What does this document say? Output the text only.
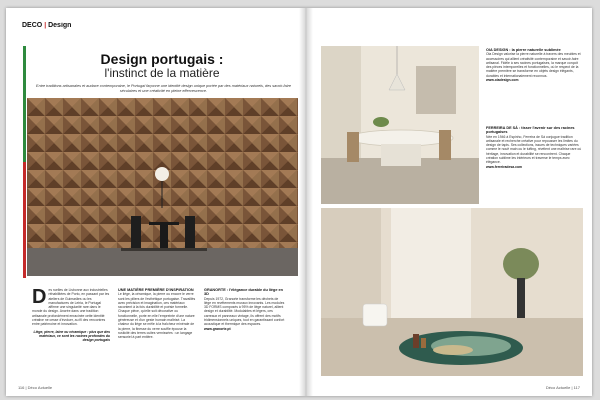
DECO | Design
Design portugais :
l'instinct de la matière
Entre traditions artisanales et audace contemporaine, le Portugal façonne une identité design unique portée par des matériaux naturels, des savoir-faire séculaires et une créativité en pleine effervescence.
D es ruelles de Lisbonne aux industrielles réhabilitées de Porto, en passant par les ateliers de Guimarães ou les manufactures de Leiria, le Portugal affirme une singularité rare dans le monde du design. Ancrée dans une tradition artisanale profondément enracinée cette identité créative ne cesse d'évoluer, au fil des rencontres entre patrimoine et innovation.
Liège, pierre, laine ou céramique : plus que des matériaux, ce sont les racines profondes du design portugais
UNE MATIÈRE PREMIÈRE D'INSPIRATION
Le liège, la céramique, la pierre ou encore le verre sont les piliers de l'esthétique portugaise. Travaillés avec précision et imagination, ces matériaux racontent à la fois durabilité et poésie formelle. Chaque pièce, qu'elle soit décorative ou fonctionnelle, porte en elle l'empreinte d'une nature généreuse et d'un geste humain maîtrisé. La chaleur du liège se mêle à la fraîcheur minérale de la pierre, la finesse du verre souffle épouse la rusticité des terres cuites vernissées : un langage sensoriel à part entière.
GRANORTE : l'élégance durable du liège en 3D
Depuis 1972, Granorte transforme les déchets de liège en revêtements muraux innovants. Les modules 3D FORMS composés à 95% de liège naturel, allient design et durabilité. Modulables et légers, ces carreaux et panneaux vintage, ils offrent des motifs tridimensionnels uniques, tout en garantissant confort acoustique et thermique des espaces.
www.granorte.pt
116 | Déco Actuelle
OIA DESIGN : la pierre naturelle sublimée
Oia Design valorise la pierre naturelle à travers des meubles et accessoires qui allient créativité contemporaine et savoir-faire artisanal. Fidèle à ses racines portugaises, la marque conçoit des pièces intemporelles et fonctionnelles, où le respect de la matière première se transforme en objets design élégants, durables et internationalement reconnus.
www.oiadesign.com
FERREIRA DE SÁ : tisser l'avenir sur des racines portugaises
Née en 1946 à Espinho, Ferreira de Sá conjugue tradition artisanale et recherche créative pour repousser les limites du design de tapis. Ses collections, issues de techniques variées comme le nouë main ou le tufting, révèlent une maîtrise rare où héritage, innovation et durabilité se rencontrent. Chaque création sublime les intérieurs et traverse le temps avec élégance.
www.ferreiradesa.com
Déco Actuelle | 117
